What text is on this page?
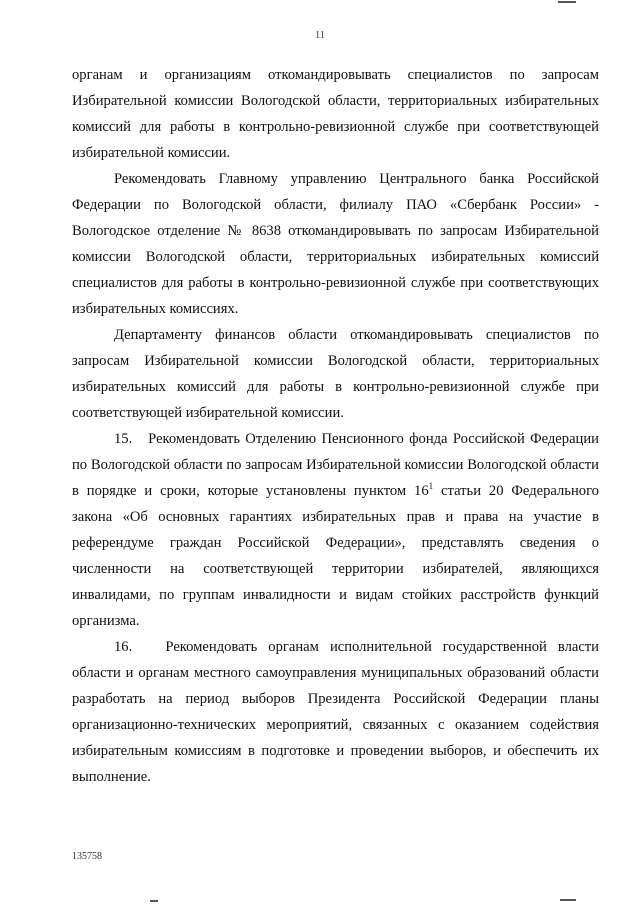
11

органам и организациям откомандировывать специалистов по запросам Избирательной комиссии Вологодской области, территориальных избирательных комиссий для работы в контрольно-ревизионной службе при соответствующей избирательной комиссии.

Рекомендовать Главному управлению Центрального банка Российской Федерации по Вологодской области, филиалу ПАО «Сбербанк России» - Вологодское отделение № 8638 откомандировывать по запросам Избирательной комиссии Вологодской области, территориальных избирательных комиссий специалистов для работы в контрольно-ревизионной службе при соответствующих избирательных комиссиях.

Департаменту финансов области откомандировывать специалистов по запросам Избирательной комиссии Вологодской области, территориальных избирательных комиссий для работы в контрольно-ревизионной службе при соответствующей избирательной комиссии.

15.   Рекомендовать Отделению Пенсионного фонда Российской Федерации по Вологодской области по запросам Избирательной комиссии Вологодской области в порядке и сроки, которые установлены пунктом $16^1$ статьи 20 Федерального закона «Об основных гарантиях избирательных прав и права на участие в референдуме граждан Российской Федерации», представлять сведения о численности на соответствующей территории избирателей, являющихся инвалидами, по группам инвалидности и видам стойких расстройств функций организма.

16.   Рекомендовать органам исполнительной государственной власти области и органам местного самоуправления муниципальных образований области разработать на период выборов Президента Российской Федерации планы организационно-технических мероприятий, связанных с оказанием содействия избирательным комиссиям в подготовке и проведении выборов, и обеспечить их выполнение.

135758
